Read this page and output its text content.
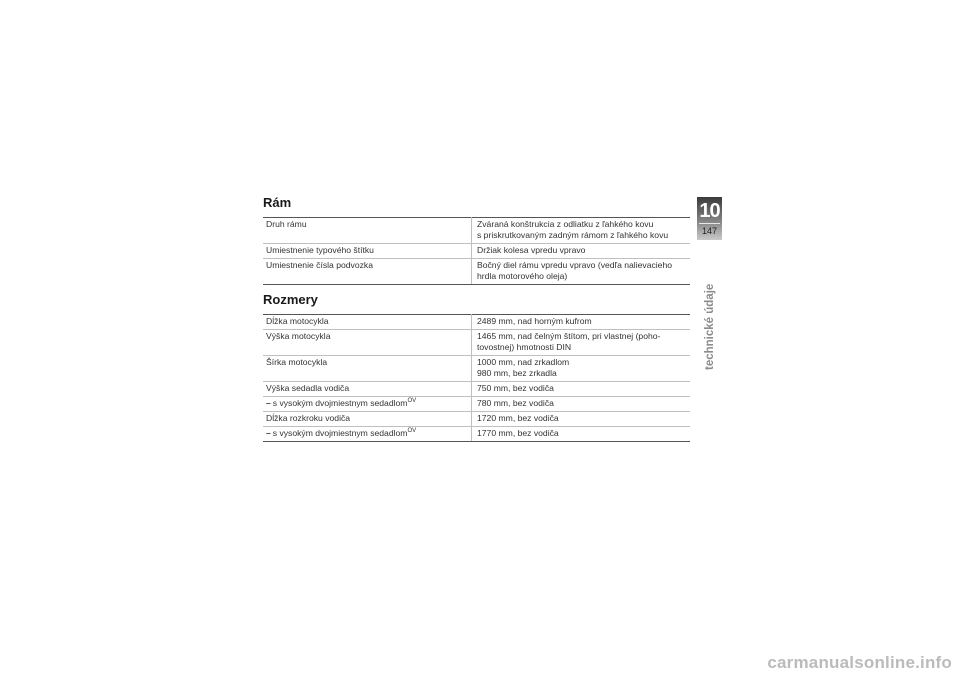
Rám
Druh rámu	Zváraná konštrukcia z odliatku z ľahkého kovu
s priskrutkovaným zadným rámom z ľahkého kovu

Umiestnenie typového štítku	Držiak kolesa vpredu vpravo

Umiestnenie čísla podvozka	Bočný diel rámu vpredu vpravo (vedľa nalievacieho
hrdla motorového oleja)
Rozmery
Dĺžka motocykla	2489 mm, nad horným kufrom

Výška motocykla	1465 mm, nad čelným štítom, pri vlastnej (poho-
tovostnej) hmotnosti DIN

Šírka motocykla	1000 mm, nad zrkadlom
980 mm, bez zrkadla

Výška sedadla vodiča	750 mm, bez vodiča

– s vysokým dvojmiestnym sedadlom$^{OV}$	780 mm, bez vodiča

Dĺžka rozkroku vodiča	1720 mm, bez vodiča

– s vysokým dvojmiestnym sedadlom$^{OV}$	1770 mm, bez vodiča
10
147
technické údaje
carmanualsonline.info
